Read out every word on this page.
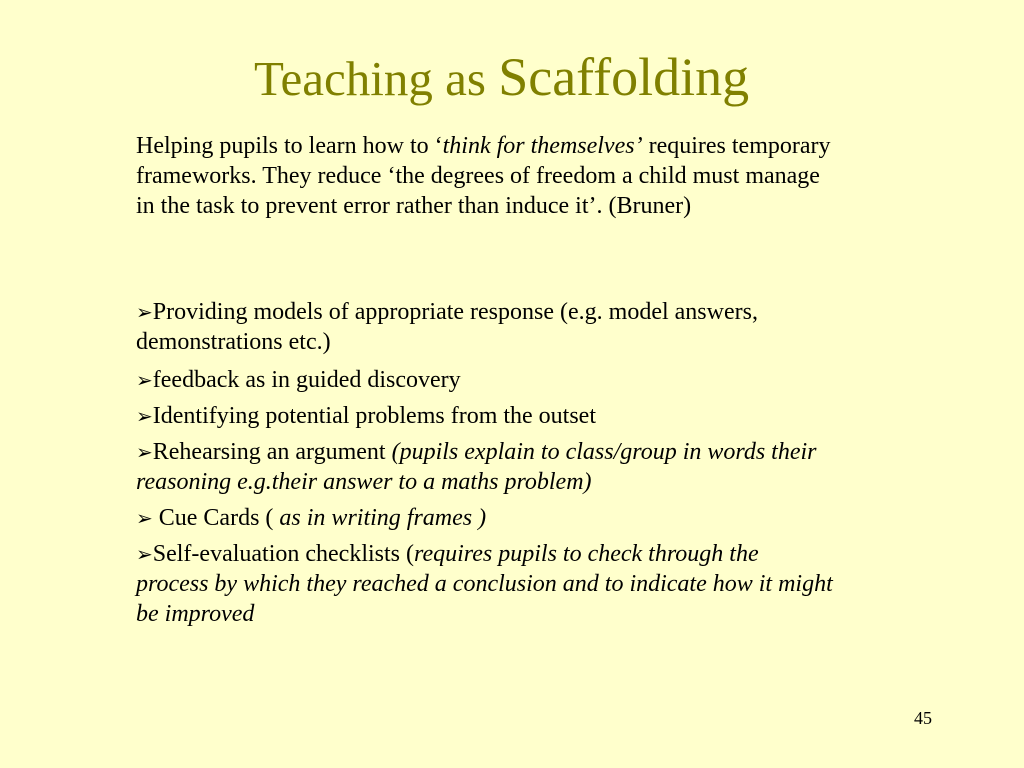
Teaching as Scaffolding
Helping pupils to learn how to ‘think for themselves’ requires temporary frameworks. They reduce ‘the degrees of freedom a child must manage in the task to prevent error rather than induce it’. (Bruner)
➢Providing models of appropriate response (e.g. model answers, demonstrations etc.)
➢feedback as in guided discovery
➢Identifying potential problems from the outset
➢Rehearsing an argument (pupils explain to class/group in words their reasoning e.g.their answer to a maths problem)
➢ Cue Cards ( as in writing frames )
➢Self-evaluation checklists (requires pupils to check through the process by which they reached a conclusion and to indicate how it might be improved
45
